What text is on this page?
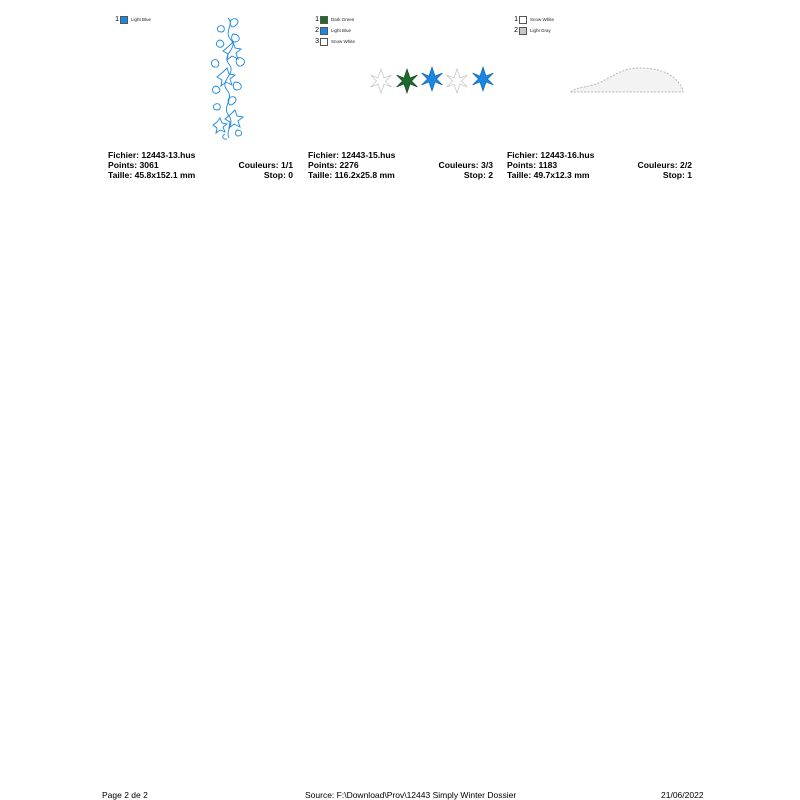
1	Light Blue
Fichier: 12443-13.hus
Points: 3061	Couleurs: 1/1
Taille: 45.8x152.1 mm	Stop: 0
1	Dark Green
2	Light Blue
3	Snow White
Fichier: 12443-15.hus
Points: 2276	Couleurs: 3/3
Taille: 116.2x25.8 mm	Stop: 2
1	Snow White
2	Light Gray
Fichier: 12443-16.hus
Points: 1183	Couleurs: 2/2
Taille: 49.7x12.3 mm	Stop: 1
Page 2 de 2	Source: F:\Download\Prov\12443 Simply Winter Dossier	21/06/2022
